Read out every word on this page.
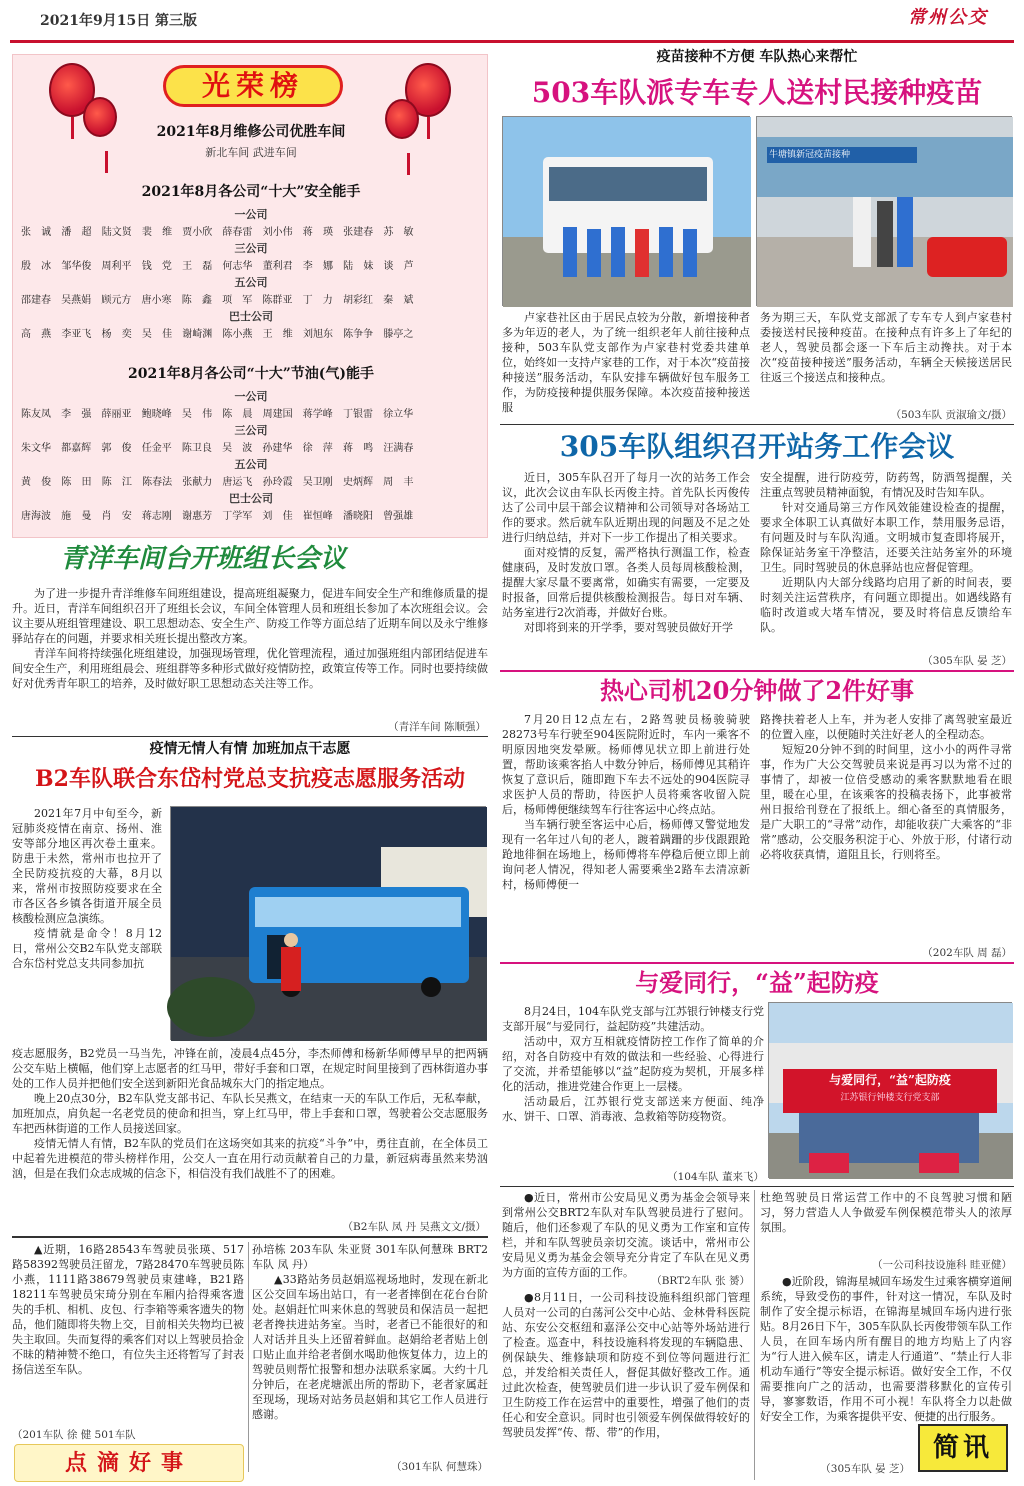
2021年9月15日 第三版	常州公交
光荣榜
2021年8月维修公司优胜车间
新北车间 武进车间
2021年8月各公司“十大”安全能手
一公司
张 诚 潘 超 陆文贤 裴 维 贾小欣 薛春雷 刘小伟 蒋 瑛 张建春 苏 敏
三公司
殷 冰 邹华俊 周利平 钱 党 王 磊 何志华 董利君 李 娜 陆 妹 谈 芦
五公司
邵建春 吴燕娟 顾元方 唐小寒 陈 鑫 项 军 陈群亚 丁 力 胡彩红 秦 斌
巴士公司
高 燕 李亚飞 杨 奕 吴 佳 谢崎渊 陈小燕 王 维 刘旭东 陈争争 滕亭之
2021年8月各公司“十大”节油(气)能手
一公司
陈友凤 李 强 薛丽亚 鲍晓峰 吴 伟 陈 晨 周建国 蒋学峰 丁银雷 徐立华
三公司
朱文华 都嘉辉 郭 俊 任金平 陈卫良 吴 波 孙建华 徐 萍 蒋 鸣 汪满春
五公司
黄 俊 陈 田 陈 江 陈春法 张献力 唐运飞 孙玲霞 吴卫刚 史炳辉 周 丰
巴士公司
唐海波 施 曼 肖 安 蒋志刚 谢惠芳 丁学军 刘 佳 崔恒峰 潘晓阳 曾强雄
青洋车间台开班组长会议

为了进一步提升青洋维修车间班组建设，提高班组凝聚力，促进车间安全生产和维修质量的提升。近日，青洋车间组织召开了班组长会议，车间全体管理人员和班组长参加了本次班组会议。会议主要从班组管理建设、职工思想动态、安全生产、防疫工作等方面总结了近期车间以及永宁维修驿站存在的问题，并要求相关班长提出整改方案。

青洋车间将持续强化班组建设，加强现场管理，优化管理流程，通过加强班组内部团结促进车间安全生产，利用班组晨会、班组群等多种形式做好疫情防控，政策宣传等工作。同时也要持续做好对优秀青年职工的培养，及时做好职工思想动态关注等工作。

（青洋车间 陈顺强）
疫情无情人有情 加班加点干志愿
B2车队联合东岱村党总支抗疫志愿服务活动

2021年7月中旬至今，新冠肺炎疫情在南京、扬州、淮安等部分地区再次卷土重来。防患于未然，常州市也拉开了全民防疫抗疫的大幕，8月以来，常州市按照防疫要求在全市各区各乡镇各街道开展全员核酸检测应急演练。

疫情就是命令！8月12日，常州公交B2车队党支部联合东岱村党总支共同参加抗

疫志愿服务，B2党员一马当先，冲锋在前，凌晨4点45分，李杰师傅和杨新华师傅早早的把两辆公交车贴上横幅，他们穿上志愿者的红马甲，带好手套和口罩，在规定时间里接到了西林街道办事处的工作人员并把他们安全送到新阳光食品城东大门的指定地点。

晚上20点30分，B2车队党支部书记、车队长吴燕文，在结束一天的车队工作后，无私奉献，加班加点，肩负起一名老党员的使命和担当，穿上红马甲，带上手套和口罩，驾驶着公交志愿服务车把西林街道的工作人员接送回家。

疫情无情人有情，B2车队的党员们在这场突如其来的抗疫“斗争”中，勇往直前，在全体员工中起着先进模范的带头榜样作用，公交人一直在用行动贡献着自己的力量，新冠病毒虽然来势汹汹，但是在我们众志成城的信念下，相信没有我们战胜不了的困难。

（B2车队 凤 丹 吴燕文文/摄）

▲近期，16路28543车驾驶员张瑛、517路58392驾驶员汪留龙，7路28470车驾驶员陈小燕，1111路38679驾驶员束建峰，B21路18211车驾驶员宋琦分别在车厢内拾得乘客遗失的手机、相机、皮包、行李箱等乘客遗失的物品，他们随即将失物上交，目前相关失物均已被失主取回。失而复得的乘客们对以上驾驶员拾金不昧的精神赞不绝口，有位失主还将暂写了封表扬信送至车队。

（201车队 徐 健 501车队

孙培栋 203车队 朱亚贤 301车队何慧珠 BRT2车队 凤 丹）

▲33路站务员赵娟巡视场地时，发现在新北区公交回车场出站口，有一老者摔倒在花台台阶处。赵娟赶忙叫来休息的驾驶员和保洁员一起把老者搀扶进站务室。当时，老者已不能很好的和人对话并且头上还留着鲜血。赵娟给老者贴上创口贴止血并给老者倒水喝助他恢复体力，边上的驾驶员则帮忙报警和想办法联系家属。大约十几分钟后，在老虎塘派出所的帮助下，老者家属赶至现场，现场对站务员赵娟和其它工作人员进行感谢。

（301车队 何慧珠）
点滴好事
疫苗接种不方便 车队热心来帮忙
503车队派专车专人送村民接种疫苗
牛塘镇新冠疫苗接种

卢家巷社区由于居民点较为分散，新增接种者多为年迈的老人，为了统一组织老年人前往接种点接种，503车队党支部作为卢家巷村党委共建单位，始终如一支持卢家巷的工作，对于本次“疫苗接种接送”服务活动，车队安排车辆做好包车服务工作，为防疫接种提供服务保障。本次疫苗接种接送服

务为期三天，车队党支部派了专车专人到卢家巷村委接送村民接种疫苗。在接种点有许多上了年纪的老人，驾驶员都会逐一下车后主动搀扶。对于本次“疫苗接种接送”服务活动，车辆全天候接送居民往返三个接送点和接种点。

（503车队 贡淑瑜文/摄）
305车队组织召开站务工作会议

近日，305车队召开了每月一次的站务工作会议，此次会议由车队长丙俊主持。首先队长丙俊传达了公司中层干部会议精神和公司领导对各场站工作的要求。然后就车队近期出现的问题及不足之处进行归纳总结，并对下一步工作提出了相关要求。

面对疫情的反复，需严格执行测温工作，检查健康码，及时发放口罩。各类人员每周核酸检测，提醒大家尽量不要离常，如确实有需要，一定要及时报备，回常后提供核酸检测报告。每日对车辆、站务室进行2次消毒，并做好台账。

对即将到来的开学季，要对驾驶员做好开学

安全提醒，进行防疫劳，防药驾，防酒驾提醒，关注重点驾驶员精神面貌，有情况及时告知车队。

针对交通局第三方作风效能建设检查的提醒，要求全体职工认真做好本职工作，禁用服务忌语，有问题及时与车队沟通。文明城市复查即将展开，除保证站务室干净整洁，还要关注站务室外的环境卫生。同时驾驶员的休息驿站也应督促管理。

近期队内大部分线路均启用了新的时间表，要时刻关注运营秩序，有问题立即提出。如遇线路有临时改道或大堵车情况，要及时将信息反馈给车队。

（305车队 晏 芝）
热心司机20分钟做了2件好事

7月20日12点左右，2路驾驶员杨骏骑驶28273号车行驶至904医院附近时，车内一乘客不明原因地突发晕厥。杨师傅见状立即上前进行处置，帮助该乘客掐人中数分钟后，杨师傅见其稍许恢复了意识后，随即跑下车去不远处的904医院寻求医护人员的帮助，待医护人员将乘客收留入院后，杨师傅便继续驾车行往客运中心终点站。

当车辆行驶至客运中心后，杨师傅又警觉地发现有一名年过八旬的老人，踱着蹒跚的步伐跟跟跄跄地徘徊在场地上，杨师傅将车停稳后便立即上前询问老人情况，得知老人需要乘坐2路车去清凉新村，杨师傅便一

路搀扶着老人上车，并为老人安排了离驾驶室最近的位置入座，以便随时关注好老人的全程动态。

短短20分钟不到的时间里，这小小的两件寻常事，作为广大公交驾驶员来说是再习以为常不过的事情了，却被一位倍受感动的乘客默默地看在眼里，暖在心里，在该乘客的投稿表扬下，此事被常州日报给刊登在了报纸上。细心备至的真情服务，是广大职工的“寻常”动作，却能收获广大乘客的“非常”感动，公交服务积淀于心、外放于形，付诸行动必将收获真情，道阻且长，行则将至。

（202车队 周 磊）
与爱同行，“益”起防疫

8月24日，104车队党支部与江苏银行钟楼支行党支部开展“与爱同行，益起防疫”共建活动。

活动中，双方互相就疫情防控工作作了简单的介绍，对各自防疫中有效的做法和一些经验、心得进行了交流，并希望能够以“益”起防疫为契机，开展多样化的活动，推进党建合作更上一层楼。

活动最后，江苏银行党支部送来方便面、纯净水、饼干、口罩、消毒液、急救箱等防疫物资。

（104车队 董来飞）
与爱同行，“益”起防疫
江苏银行钟楼支行党支部

●近日，常州市公安局见义勇为基金会领导来到常州公交BRT2车队对车队驾驶员进行了慰问。随后，他们还参观了车队的见义勇为工作室和宣传栏，并和车队驾驶员亲切交流。谈话中，常州市公安局见义勇为基金会领导充分肯定了车队在见义勇为方面的宣传方面的工作。

（BRT2车队 张 赟）

●8月11日，一公司科技设施科组织部门管理人员对一公司的白荡河公交中心站、金林骨科医院站、东安公交枢纽和嘉泽公交中心站等外场站进行了检查。巡查中，科技设施科将发现的车辆隐患、例保缺失、维修缺项和防疫不到位等问题进行汇总，并发给相关责任人，督促其做好整改工作。通过此次检查，使驾驶员们进一步认识了爱车例保和卫生防疫工作在运营中的重要性，增强了他们的责任心和安全意识。同时也引领爱车例保做得较好的驾驶员发挥“传、帮、带”的作用，

杜绝驾驶员日常运营工作中的不良驾驶习惯和陋习，努力营造人人争做爱车例保模范带头人的浓厚氛围。

（一公司科技设施科 眭亚健）

●近阶段，锦海星城回车场发生过乘客横穿道闸系统，导致受伤的事件，针对这一情况，车队及时制作了安全提示标语，在锦海星城回车场内进行张贴。8月26日下午，305车队队长丙俊带领车队工作人员，在回车场内所有醒目的地方均贴上了内容为“行人进入候车区，请走人行通道”、“禁止行人非机动车通行”等安全提示标语。做好安全工作，不仅需要推向广之的活动，也需要潜移默化的宣传引导，寥寥数语，作用不可小视！车队将全力以赴做好安全工作，为乘客提供平安、便捷的出行服务。

（305车队 晏 芝）
简讯
